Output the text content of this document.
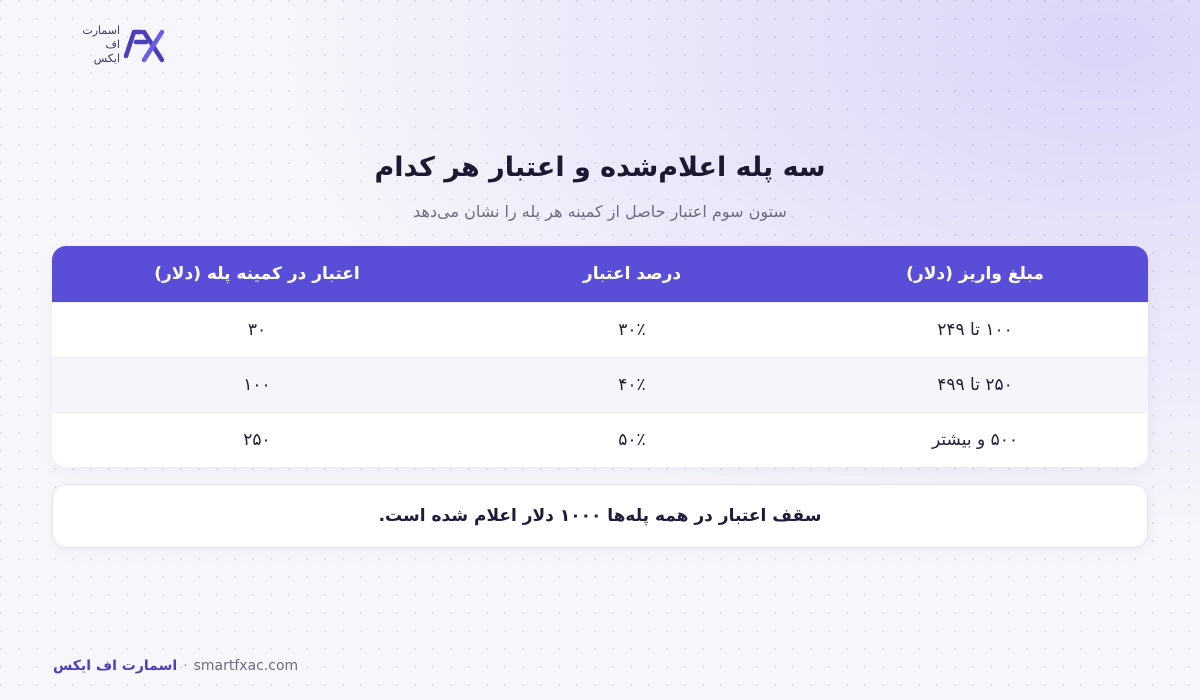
اسمارت
اف
ایکس
سه پله اعلام‌شده و اعتبار هر کدام
ستون سوم اعتبار حاصل از کمینه هر پله را نشان می‌دهد
مبلغ واریز (دلار)
درصد اعتبار
اعتبار در کمینه پله (دلار)
۱۰۰ تا ۲۴۹
۳۰٪
۳۰
۲۵۰ تا ۴۹۹
۴۰٪
۱۰۰
۵۰۰ و بیشتر
۵۰٪
۲۵۰
سقف اعتبار در همه پله‌ها ۱۰۰۰ دلار اعلام شده است.
اسمارت اف ایکس · smartfxac.com
